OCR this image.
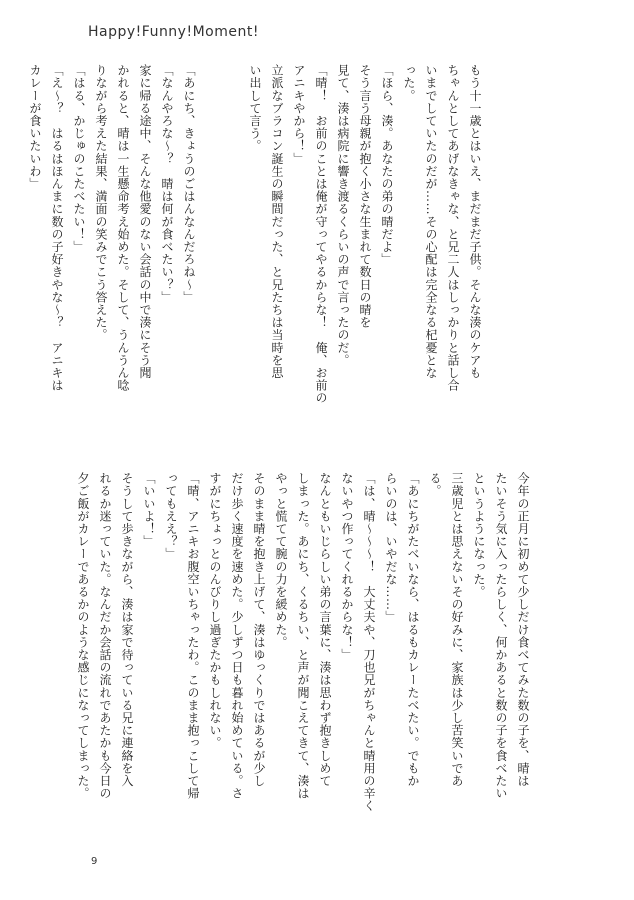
Happy!Funny!Moment!

もう十一歳とはいえ、まだまだ子供。そんな湊のケアも

ちゃんとしてあげなきゃな、と兄二人はしっかりと話し合

いまでしていたのだが……その心配は完全なる杞憂とな

った。

「ほら、湊。あなたの弟の晴だよ」

そう言う母親が抱く小さな生まれて数日の晴を

見て、湊は病院に響き渡るくらいの声で言ったのだ。

「晴！　お前のことは俺が守ってやるからな！　俺、お前の

アニキやから！」

立派なブラコン誕生の瞬間だった、と兄たちは当時を思

い出して言う。

「あにち、きょうのごはんなんだろね〜」

「なんやろな〜？　晴は何が食べたい？」

家に帰る途中、そんな他愛のない会話の中で湊にそう聞

かれると、晴は一生懸命考え始めた。そして、うんうん唸

りながら考えた結果、満面の笑みでこう答えた。

「はる、かじゅのこたべたい！」

「え〜？　はるはほんまに数の子好きやな〜？　アニキは

カレーが食いたいわ」

今年の正月に初めて少しだけ食べてみた数の子を、晴は

たいそう気に入ったらしく、何かあると数の子を食べたい

というようになった。

三歳児とは思えないその好みに、家族は少し苦笑いであ

る。

「あにちがたべいなら、はるもカレーたべたい。でもか

らいのは、いやだな……」

「は、晴〜〜〜！　大丈夫や、刀也兄がちゃんと晴用の辛く

ないやつ作ってくれるからな！」

なんともいじらしい弟の言葉に、湊は思わず抱きしめて

しまった。あにち、くるちい、と声が聞こえてきて、湊は

やっと慌てて腕の力を緩めた。

そのまま晴を抱き上げて、湊はゆっくりではあるが少し

だけ歩く速度を速めた。少しずつ日も暮れ始めている。さ

すがにちょっとのんびりし過ぎたかもしれない。

「晴、アニキお腹空いちゃったわ。このまま抱っこして帰

ってもええ？」

「いいよ！」

そうして歩きながら、湊は家で待っている兄に連絡を入

れるか迷っていた。なんだか会話の流れであたかも今日の

夕ご飯がカレーであるかのような感じになってしまった。

9
